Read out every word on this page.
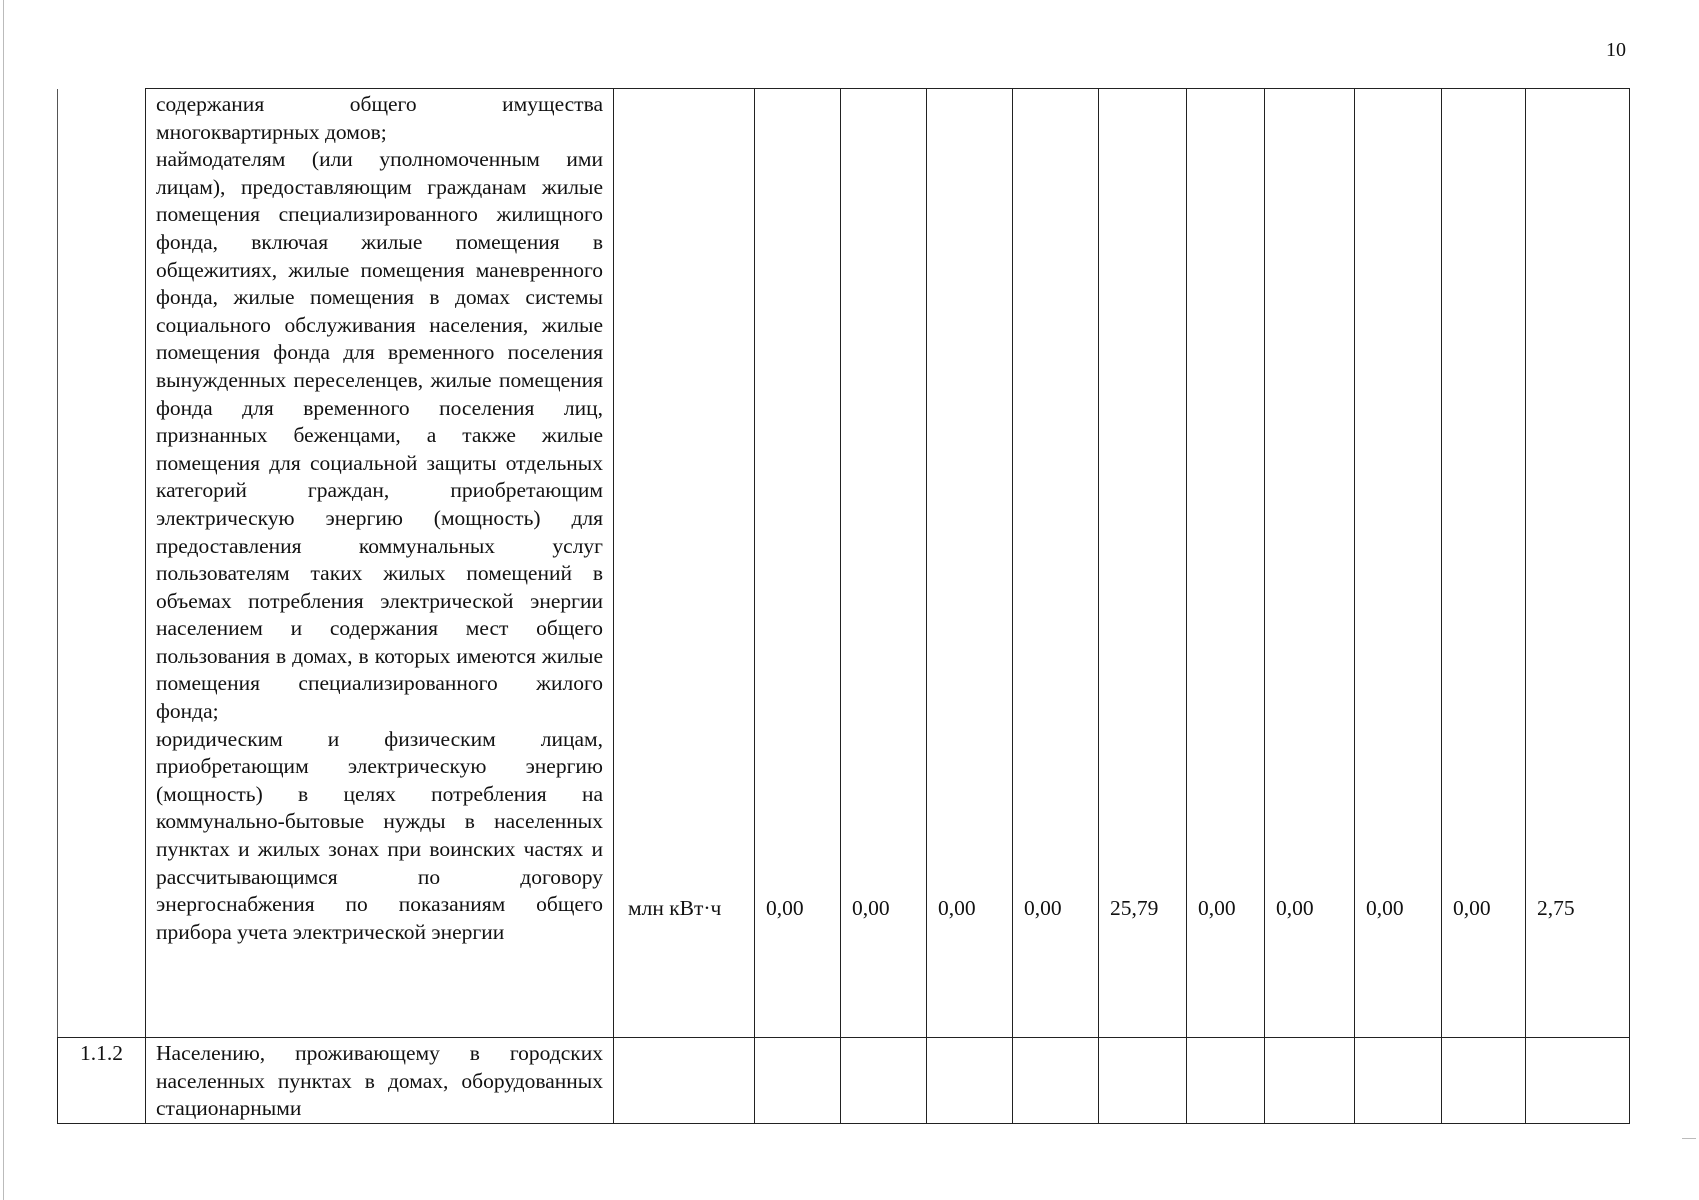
10

	содержания общего имущества многоквартирных домов;

наймодателям (или уполномоченным ими лицам), предоставляющим гражданам жилые помещения специализированного жилищного фонда, включая жилые помещения в общежитиях, жилые помещения маневренного фонда, жилые помещения в домах системы социального обслуживания населения, жилые помещения фонда для временного поселения вынужденных переселенцев, жилые помещения фонда для временного поселения лиц, признанных беженцами, а также жилые помещения для социальной защиты отдельных категорий граждан, приобретающим электрическую энергию (мощность) для предоставления коммунальных услуг пользователям таких жилых помещений в объемах потребления электрической энергии населением и содержания мест общего пользования в домах, в которых имеются жилые помещения специализированного жилого фонда;

юридическим и физическим лицам, приобретающим электрическую энергию (мощность) в целях потребления на коммунально-бытовые нужды в населенных пунктах и жилых зонах при воинских частях и рассчитывающимся по договору энергоснабжения по показаниям общего прибора учета электрической энергии	млн кВт·ч	0,00	0,00	0,00	0,00	25,79	0,00	0,00	0,00	0,00	2,75

1.1.2	Населению, проживающему в городских населенных пунктах в домах, оборудованных стационарными											
